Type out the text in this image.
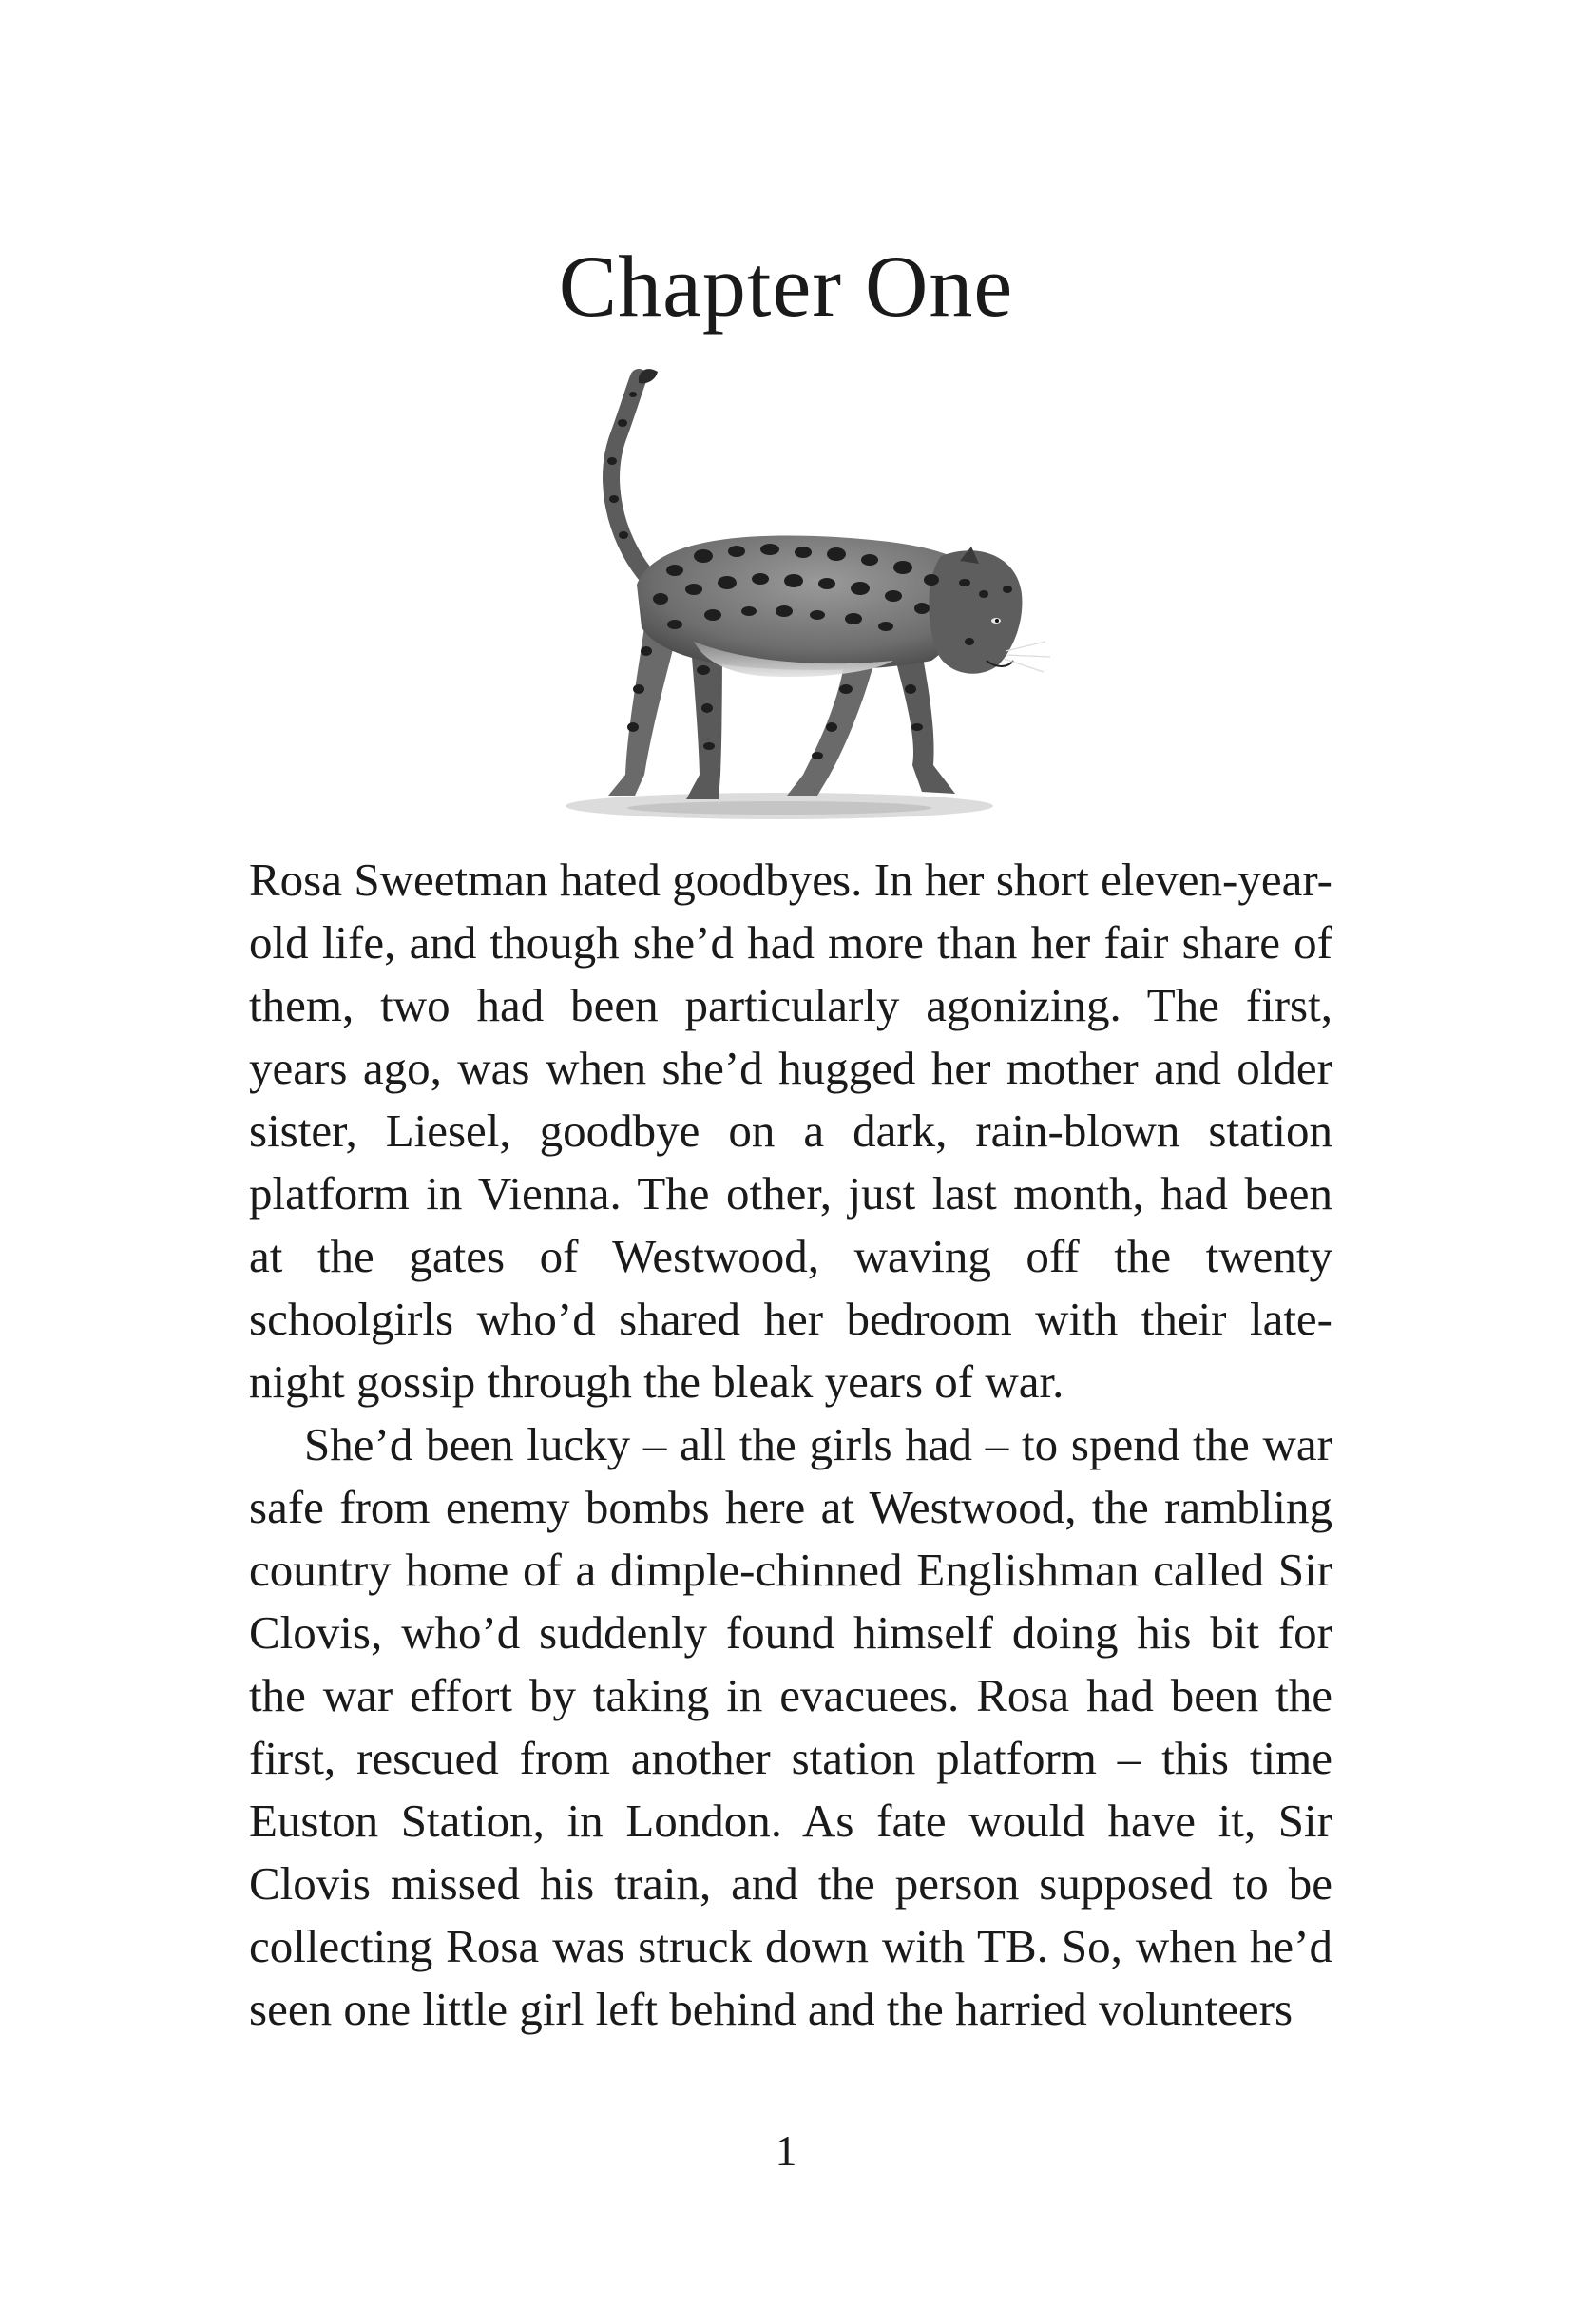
Chapter One

Rosa Sweetman hated goodbyes. In her short eleven-year-old life, and though she’d had more than her fair share of them, two had been particularly agonizing. The first, years ago, was when she’d hugged her mother and older sister, Liesel, goodbye on a dark, rain-blown station platform in Vienna. The other, just last month, had been at the gates of Westwood, waving off the twenty schoolgirls who’d shared her bedroom with their late-night gossip through the bleak years of war.

She’d been lucky – all the girls had – to spend the war safe from enemy bombs here at Westwood, the rambling country home of a dimple-chinned Englishman called Sir Clovis, who’d suddenly found himself doing his bit for the war effort by taking in evacuees. Rosa had been the first, rescued from another station platform – this time Euston Station, in London. As fate would have it, Sir Clovis missed his train, and the person supposed to be collecting Rosa was struck down with TB. So, when he’d seen one little girl left behind and the harried volunteers

1
